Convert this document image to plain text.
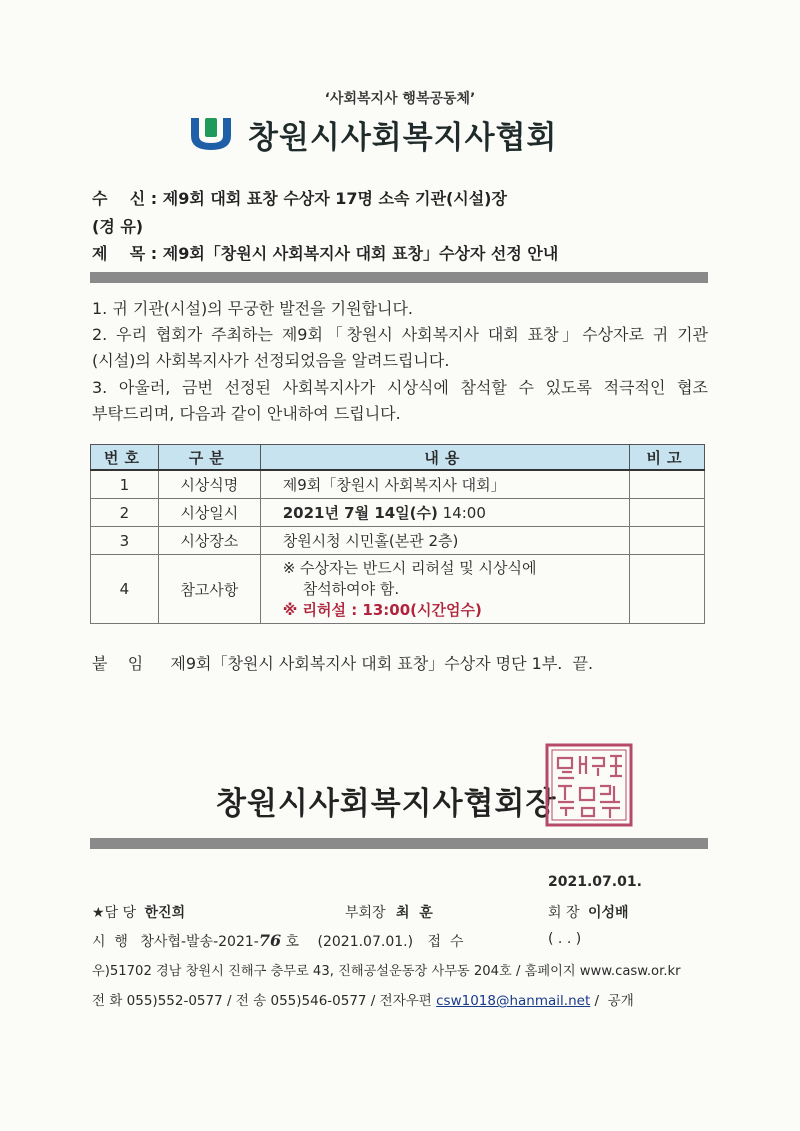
‘사회복지사 행복공동체’
창원시사회복지사협회
수    신 : 제9회 대회 표창 수상자 17명 소속 기관(시설)장
(경 유)
제    목 : 제9회「창원시 사회복지사 대회 표창」수상자 선정 안내
1. 귀 기관(시설)의 무궁한 발전을 기원합니다.
2. 우리 협회가 주최하는 제9회「창원시 사회복지사 대회 표창」수상자로 귀 기관
(시설)의 사회복지사가 선정되었음을 알려드립니다.
3. 아울러, 금번 선정된 사회복지사가 시상식에 참석할 수 있도록 적극적인 협조
부탁드리며, 다음과 같이 안내하여 드립니다.
번호	구분	내용	비고
1	시상식명	제9회「창원시 사회복지사 대회」	
2	시상일시	2021년 7월 14일(수) 14:00	
3	시상장소	창원시청 시민홀(본관 2층)	
4	참고사항	※ 수상자는 반드시 리허설 및 시상식에
참석하여야 함.
※ 리허설 : 13:00(시간엄수)	

붙    임 제9회「창원시 사회복지사 대회 표창」수상자 명단 1부.  끝.
창원시사회복지사협회장
2021.07.01.
★담 당 한진희	부회장 최  훈	회 장 이성배
시  행 창사협-발송-2021-76 호 (2021.07.01.) 접  수	( . . )
우)51702 경남 창원시 진해구 충무로 43, 진해공설운동장 사무동 204호 / 홈페이지 www.casw.or.kr
전 화 055)552-0577 / 전 송 055)546-0577 / 전자우편 csw1018@hanmail.net /  공개
